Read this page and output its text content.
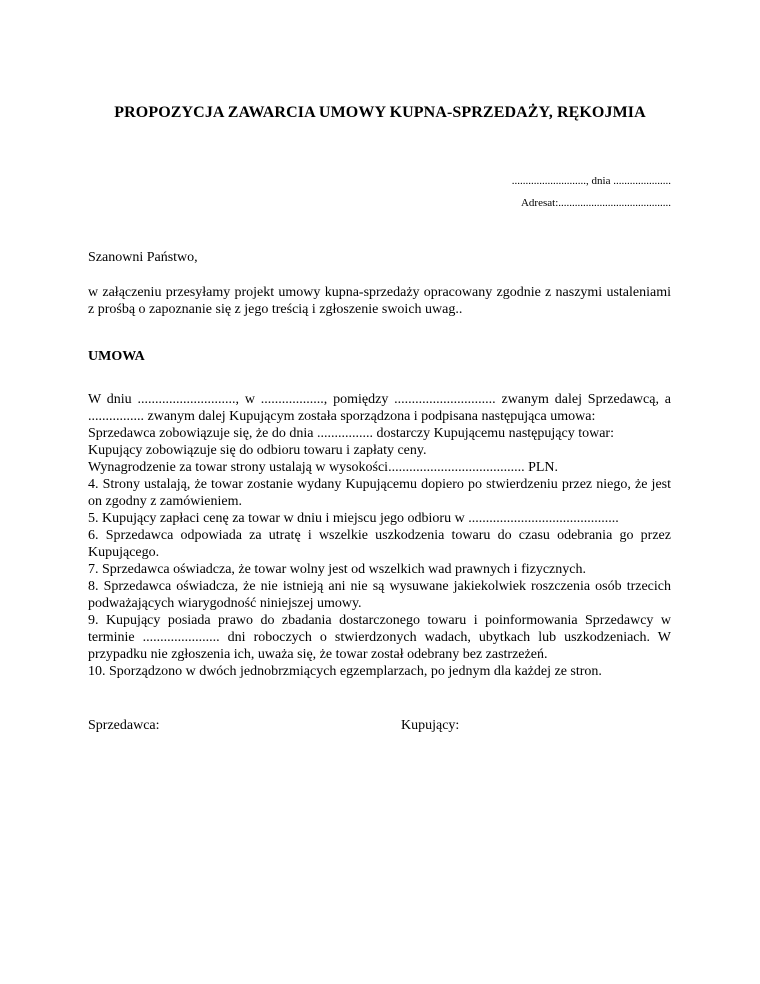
PROPOZYCJA ZAWARCIA UMOWY KUPNA-SPRZEDAŻY, RĘKOJMIA
..........................., dnia .....................
Adresat:.........................................
Szanowni Państwo,
w załączeniu przesyłamy projekt umowy kupna-sprzedaży opracowany zgodnie z naszymi ustaleniami z prośbą o zapoznanie się z jego treścią i zgłoszenie swoich uwag..
UMOWA
W dniu ............................, w .................., pomiędzy ............................. zwanym dalej Sprzedawcą, a ................ zwanym dalej Kupującym została sporządzona i podpisana następująca umowa:
Sprzedawca zobowiązuje się, że do dnia ................ dostarczy Kupującemu następujący towar:
Kupujący zobowiązuje się do odbioru towaru i zapłaty ceny.
Wynagrodzenie za towar strony ustalają w wysokości....................................... PLN.
4. Strony ustalają, że towar zostanie wydany Kupującemu dopiero po stwierdzeniu przez niego, że jest on zgodny z zamówieniem.
5. Kupujący zapłaci cenę za towar w dniu i miejscu jego odbioru w ...........................................
6. Sprzedawca odpowiada za utratę i wszelkie uszkodzenia towaru do czasu odebrania go przez Kupującego.
7. Sprzedawca oświadcza, że towar wolny jest od wszelkich wad prawnych i fizycznych.
8. Sprzedawca oświadcza, że nie istnieją ani nie są wysuwane jakiekolwiek roszczenia osób trzecich podważających wiarygodność niniejszej umowy.
9. Kupujący posiada prawo do zbadania dostarczonego towaru i poinformowania Sprzedawcy w terminie ...................... dni roboczych o stwierdzonych wadach, ubytkach lub uszkodzeniach. W przypadku nie zgłoszenia ich, uważa się, że towar został odebrany bez zastrzeżeń.
10. Sporządzono w dwóch jednobrzmiących egzemplarzach, po jednym dla każdej ze stron.
Sprzedawca:	Kupujący:
